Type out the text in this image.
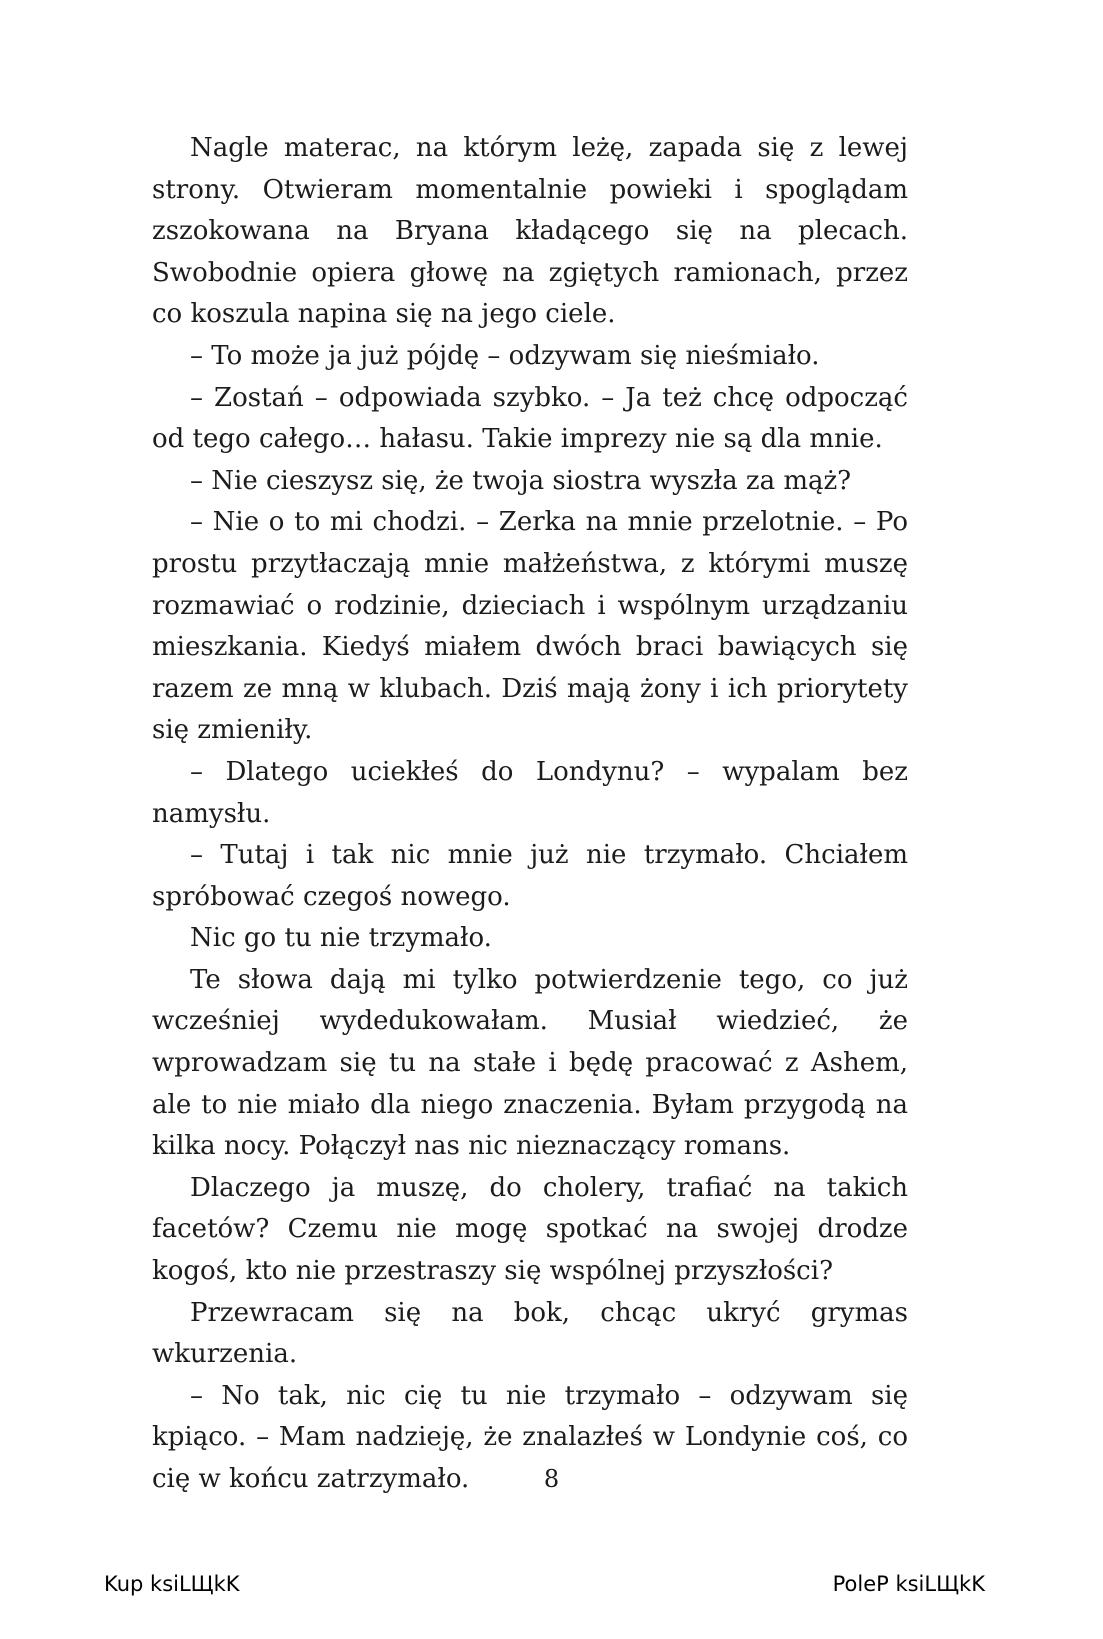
Nagle materac, na którym leżę, zapada się z lewej strony. Otwieram momentalnie powieki i spoglądam zszokowana na Bryana kładącego się na plecach. Swobodnie opiera głowę na zgiętych ramionach, przez co koszula napina się na jego ciele.

– To może ja już pójdę – odzywam się nieśmiało.

– Zostań – odpowiada szybko. – Ja też chcę odpocząć od tego całego… hałasu. Takie imprezy nie są dla mnie.

– Nie cieszysz się, że twoja siostra wyszła za mąż?

– Nie o to mi chodzi. – Zerka na mnie przelotnie. – Po prostu przytłaczają mnie małżeństwa, z którymi muszę rozmawiać o rodzinie, dzieciach i wspólnym urządzaniu mieszkania. Kiedyś miałem dwóch braci bawiących się razem ze mną w klubach. Dziś mają żony i ich priorytety się zmieniły.

– Dlatego uciekłeś do Londynu? – wypalam bez namysłu.

– Tutaj i tak nic mnie już nie trzymało. Chciałem spróbować czegoś nowego.

Nic go tu nie trzymało.

Te słowa dają mi tylko potwierdzenie tego, co już wcześniej wydedukowałam. Musiał wiedzieć, że wprowadzam się tu na stałe i będę pracować z Ashem, ale to nie miało dla niego znaczenia. Byłam przygodą na kilka nocy. Połączył nas nic nieznaczący romans.

Dlaczego ja muszę, do cholery, trafiać na takich facetów? Czemu nie mogę spotkać na swojej drodze kogoś, kto nie przestraszy się wspólnej przyszłości?

Przewracam się na bok, chcąc ukryć grymas wkurzenia.

– No tak, nic cię tu nie trzymało – odzywam się kpiąco. – Mam nadzieję, że znalazłeś w Londynie coś, co cię w końcu zatrzymało.	8
Kup ksiLЩkK	PoleP ksiLЩkK
